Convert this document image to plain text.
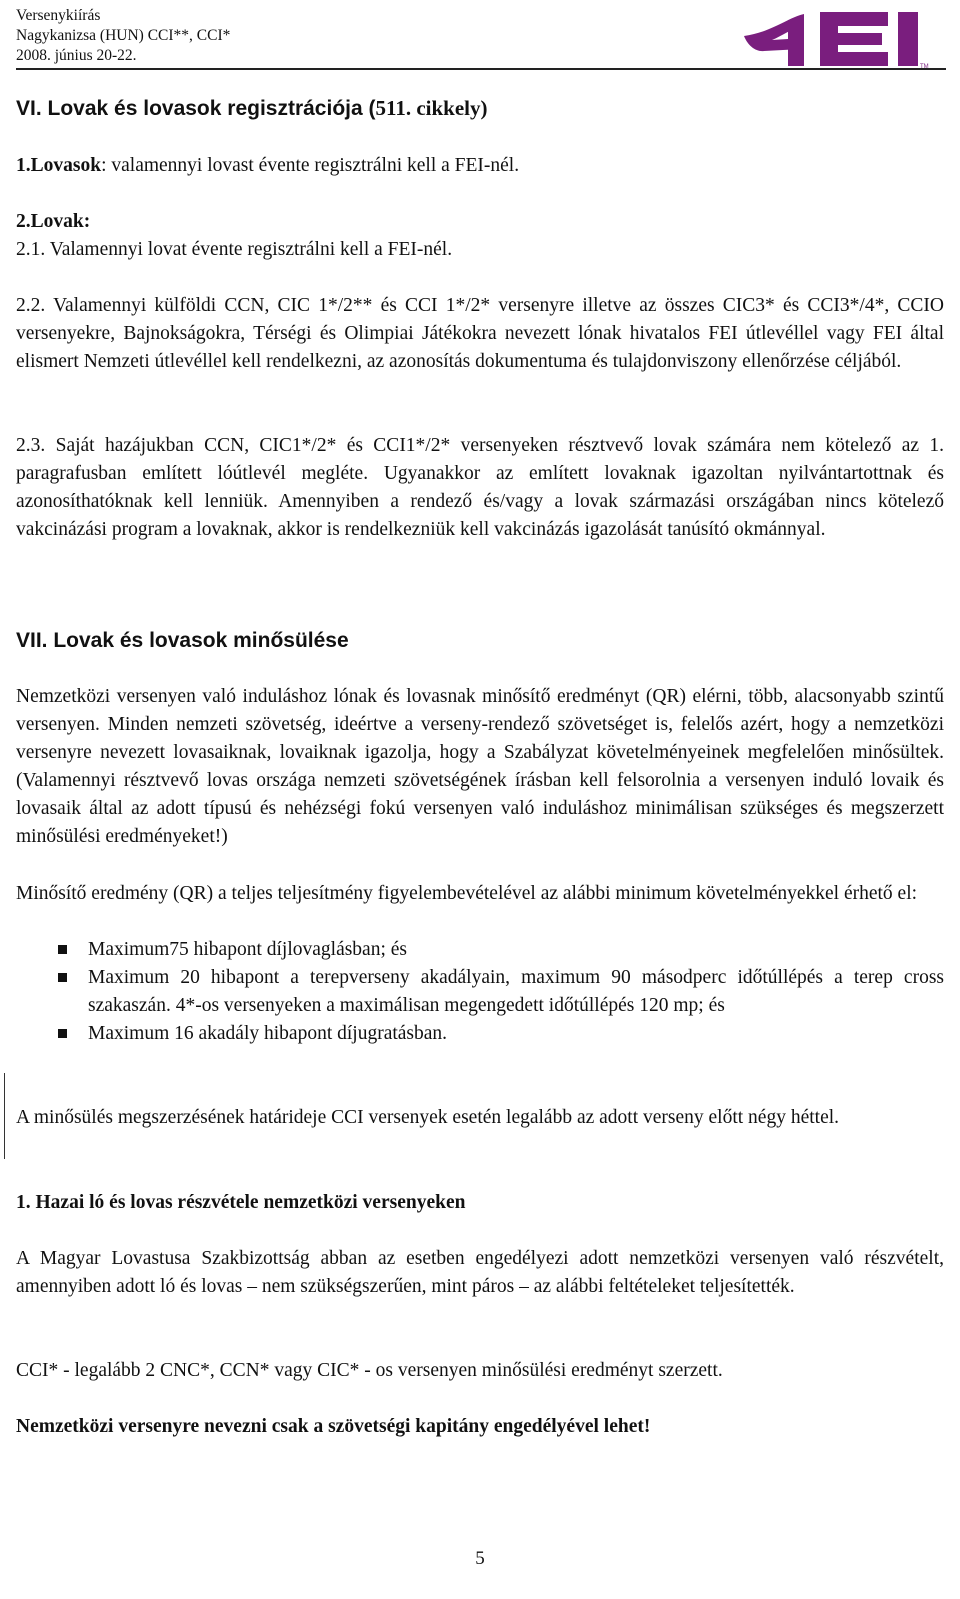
Versenykiírás
Nagykanizsa (HUN) CCI**, CCI*
2008. június 20-22.
TM
VI. Lovak és lovasok regisztrációja (511. cikkely)
1.Lovasok: valamennyi lovast évente regisztrálni kell a FEI-nél.
2.Lovak:
2.1. Valamennyi lovat évente regisztrálni kell a FEI-nél.
2.2. Valamennyi külföldi CCN, CIC 1*/2** és CCI 1*/2* versenyre illetve az összes CIC3* és CCI3*/4*, CCIO versenyekre, Bajnokságokra, Térségi és Olimpiai Játékokra nevezett lónak hivatalos FEI útlevéllel vagy FEI által elismert Nemzeti útlevéllel kell rendelkezni, az azonosítás dokumentuma és tulajdonviszony ellenőrzése céljából.
2.3. Saját hazájukban CCN, CIC1*/2* és CCI1*/2* versenyeken résztvevő lovak számára nem kötelező az 1. paragrafusban említett lóútlevél megléte. Ugyanakkor az említett lovaknak igazoltan nyilvántartottnak és azonosíthatóknak kell lenniük. Amennyiben a rendező és/vagy a lovak származási országában nincs kötelező vakcinázási program a lovaknak, akkor is rendelkezniük kell vakcinázás igazolását tanúsító okmánnyal.
VII. Lovak és lovasok minősülése
Nemzetközi versenyen való induláshoz lónak és lovasnak minősítő eredményt (QR) elérni, több, alacsonyabb szintű versenyen. Minden nemzeti szövetség, ideértve a verseny-rendező szövetséget is, felelős azért, hogy a nemzetközi versenyre nevezett lovasaiknak, lovaiknak igazolja, hogy a Szabályzat követelményeinek megfelelően minősültek. (Valamennyi résztvevő lovas országa nemzeti szövetségének írásban kell felsorolnia a versenyen induló lovaik és lovasaik által az adott típusú és nehézségi fokú versenyen való induláshoz minimálisan szükséges és megszerzett minősülési eredményeket!)
Minősítő eredmény (QR) a teljes teljesítmény figyelembevételével az alábbi minimum követelményekkel érhető el:
Maximum75 hibapont díjlovaglásban; és
Maximum 20 hibapont a terepverseny akadályain, maximum 90 másodperc időtúllépés a terep cross szakaszán. 4*-os versenyeken a maximálisan megengedett időtúllépés 120 mp; és
Maximum 16 akadály hibapont díjugratásban.
A minősülés megszerzésének határideje CCI versenyek esetén legalább az adott verseny előtt négy héttel.
1. Hazai ló és lovas részvétele nemzetközi versenyeken
A Magyar Lovastusa Szakbizottság abban az esetben engedélyezi adott nemzetközi versenyen való részvételt, amennyiben adott ló és lovas – nem szükségszerűen, mint páros – az alábbi feltételeket teljesítették.
CCI* - legalább 2 CNC*, CCN* vagy CIC* - os versenyen minősülési eredményt szerzett.
Nemzetközi versenyre nevezni csak a szövetségi kapitány engedélyével lehet!
5
